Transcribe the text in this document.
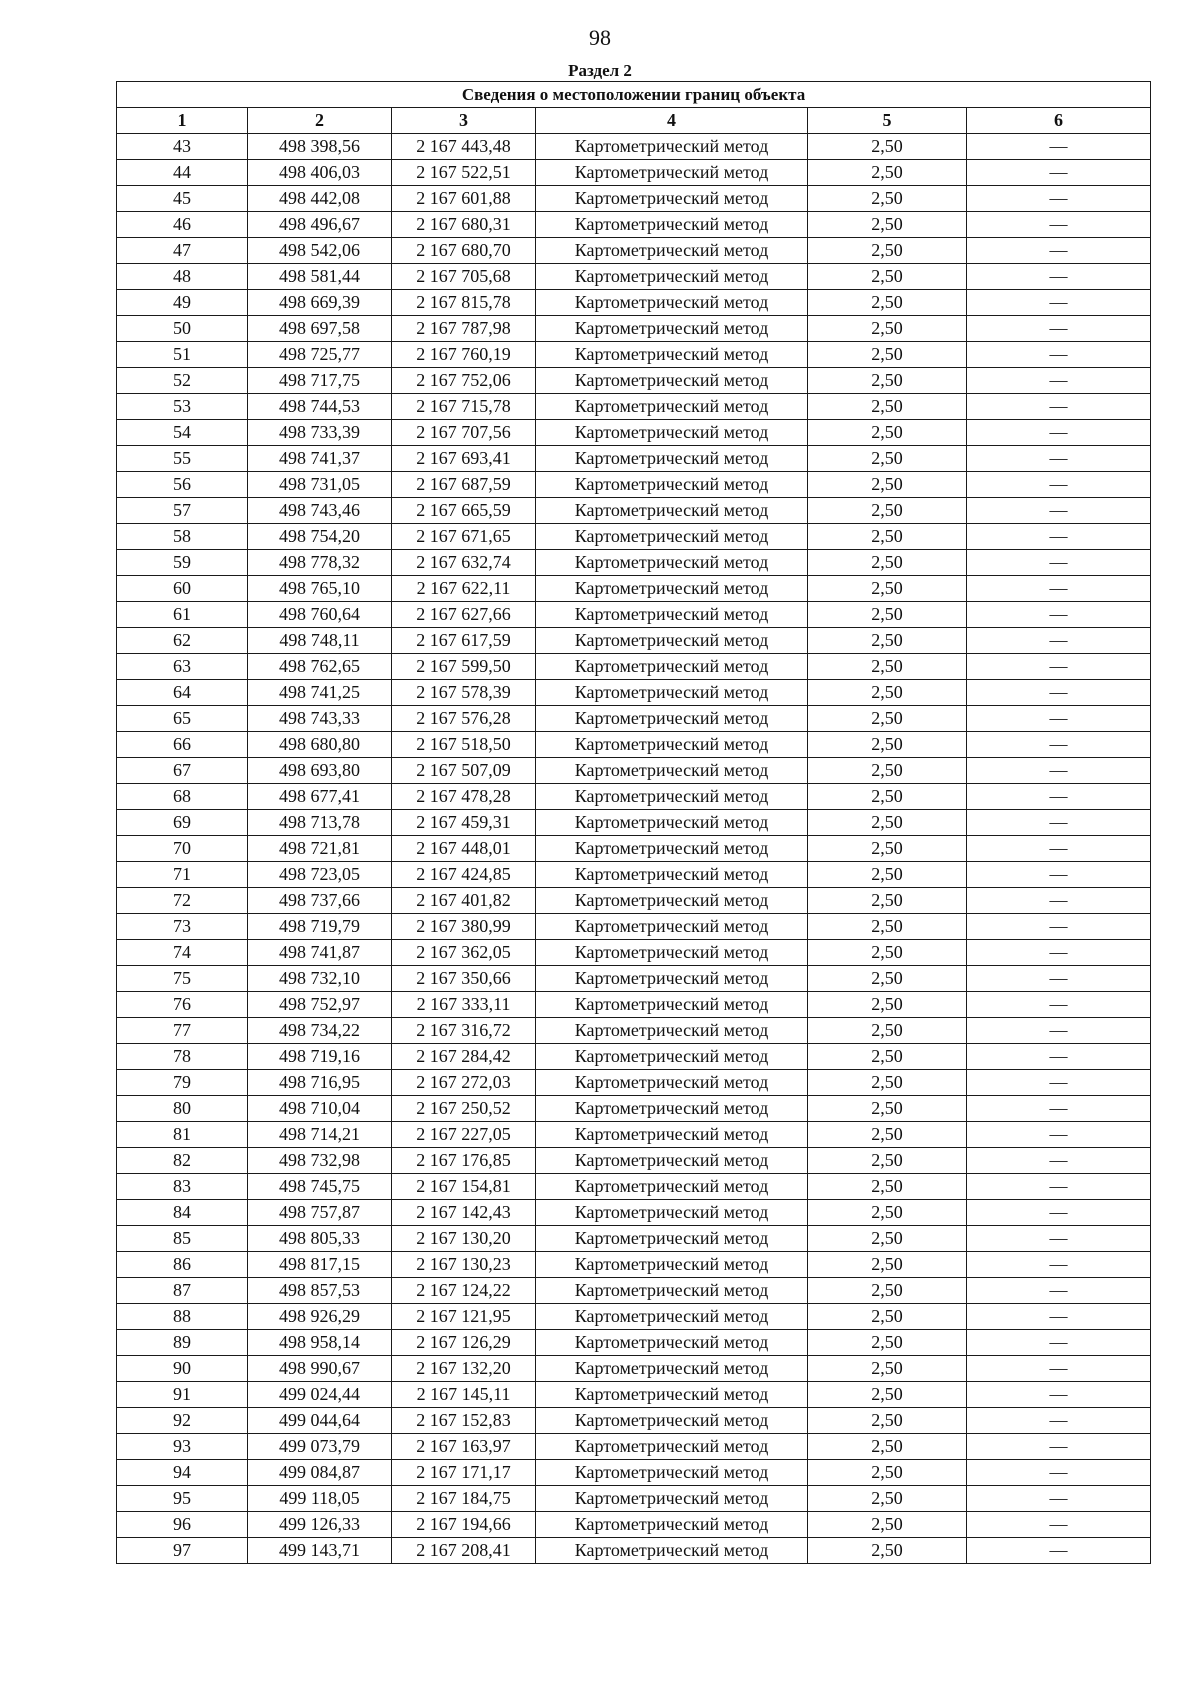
98
Раздел 2
Сведения о местоположении границ объекта					
1	2	3	4	5	6
43	498 398,56	2 167 443,48	Картометрический метод	2,50	—
44	498 406,03	2 167 522,51	Картометрический метод	2,50	—
45	498 442,08	2 167 601,88	Картометрический метод	2,50	—
46	498 496,67	2 167 680,31	Картометрический метод	2,50	—
47	498 542,06	2 167 680,70	Картометрический метод	2,50	—
48	498 581,44	2 167 705,68	Картометрический метод	2,50	—
49	498 669,39	2 167 815,78	Картометрический метод	2,50	—
50	498 697,58	2 167 787,98	Картометрический метод	2,50	—
51	498 725,77	2 167 760,19	Картометрический метод	2,50	—
52	498 717,75	2 167 752,06	Картометрический метод	2,50	—
53	498 744,53	2 167 715,78	Картометрический метод	2,50	—
54	498 733,39	2 167 707,56	Картометрический метод	2,50	—
55	498 741,37	2 167 693,41	Картометрический метод	2,50	—
56	498 731,05	2 167 687,59	Картометрический метод	2,50	—
57	498 743,46	2 167 665,59	Картометрический метод	2,50	—
58	498 754,20	2 167 671,65	Картометрический метод	2,50	—
59	498 778,32	2 167 632,74	Картометрический метод	2,50	—
60	498 765,10	2 167 622,11	Картометрический метод	2,50	—
61	498 760,64	2 167 627,66	Картометрический метод	2,50	—
62	498 748,11	2 167 617,59	Картометрический метод	2,50	—
63	498 762,65	2 167 599,50	Картометрический метод	2,50	—
64	498 741,25	2 167 578,39	Картометрический метод	2,50	—
65	498 743,33	2 167 576,28	Картометрический метод	2,50	—
66	498 680,80	2 167 518,50	Картометрический метод	2,50	—
67	498 693,80	2 167 507,09	Картометрический метод	2,50	—
68	498 677,41	2 167 478,28	Картометрический метод	2,50	—
69	498 713,78	2 167 459,31	Картометрический метод	2,50	—
70	498 721,81	2 167 448,01	Картометрический метод	2,50	—
71	498 723,05	2 167 424,85	Картометрический метод	2,50	—
72	498 737,66	2 167 401,82	Картометрический метод	2,50	—
73	498 719,79	2 167 380,99	Картометрический метод	2,50	—
74	498 741,87	2 167 362,05	Картометрический метод	2,50	—
75	498 732,10	2 167 350,66	Картометрический метод	2,50	—
76	498 752,97	2 167 333,11	Картометрический метод	2,50	—
77	498 734,22	2 167 316,72	Картометрический метод	2,50	—
78	498 719,16	2 167 284,42	Картометрический метод	2,50	—
79	498 716,95	2 167 272,03	Картометрический метод	2,50	—
80	498 710,04	2 167 250,52	Картометрический метод	2,50	—
81	498 714,21	2 167 227,05	Картометрический метод	2,50	—
82	498 732,98	2 167 176,85	Картометрический метод	2,50	—
83	498 745,75	2 167 154,81	Картометрический метод	2,50	—
84	498 757,87	2 167 142,43	Картометрический метод	2,50	—
85	498 805,33	2 167 130,20	Картометрический метод	2,50	—
86	498 817,15	2 167 130,23	Картометрический метод	2,50	—
87	498 857,53	2 167 124,22	Картометрический метод	2,50	—
88	498 926,29	2 167 121,95	Картометрический метод	2,50	—
89	498 958,14	2 167 126,29	Картометрический метод	2,50	—
90	498 990,67	2 167 132,20	Картометрический метод	2,50	—
91	499 024,44	2 167 145,11	Картометрический метод	2,50	—
92	499 044,64	2 167 152,83	Картометрический метод	2,50	—
93	499 073,79	2 167 163,97	Картометрический метод	2,50	—
94	499 084,87	2 167 171,17	Картометрический метод	2,50	—
95	499 118,05	2 167 184,75	Картометрический метод	2,50	—
96	499 126,33	2 167 194,66	Картометрический метод	2,50	—
97	499 143,71	2 167 208,41	Картометрический метод	2,50	—
